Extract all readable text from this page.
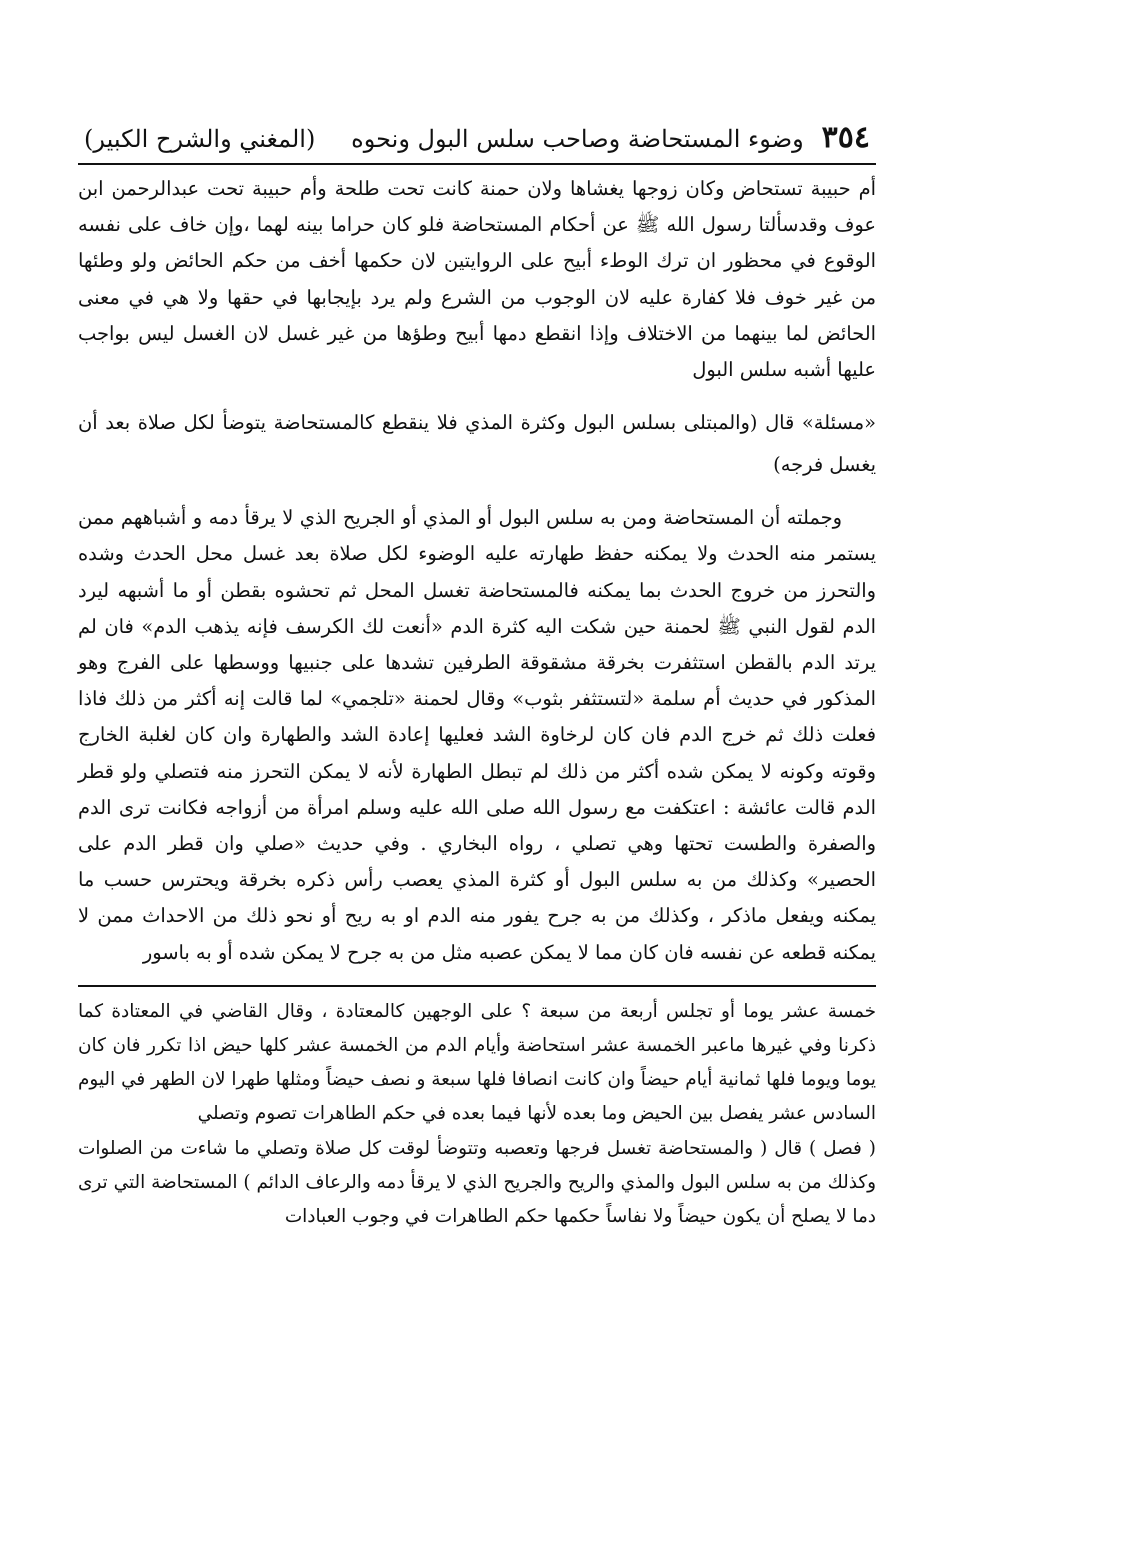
٣٥٤
وضوء المستحاضة وصاحب سلس البول ونحوه
(المغني والشرح الكبير)

أم حبيبة تستحاض وكان زوجها يغشاها ولان حمنة كانت تحت طلحة وأم حبيبة تحت عبدالرحمن ابن عوف وقدسألتا رسول الله ﷺ عن أحكام المستحاضة فلو كان حراما بينه لهما ،وإن خاف على نفسه الوقوع في محظور ان ترك الوطء أبيح على الروايتين لان حكمها أخف من حكم الحائض ولو وطئها من غير خوف فلا كفارة عليه لان الوجوب من الشرع ولم يرد بإيجابها في حقها ولا هي في معنى الحائض لما بينهما من الاختلاف وإذا انقطع دمها أبيح وطؤها من غير غسل لان الغسل ليس بواجب عليها أشبه سلس البول

«مسئلة» قال (والمبتلى بسلس البول وكثرة المذي فلا ينقطع كالمستحاضة يتوضأ لكل صلاة بعد أن يغسل فرجه)

وجملته أن المستحاضة ومن به سلس البول أو المذي أو الجريح الذي لا يرقأ دمه و أشباههم ممن يستمر منه الحدث ولا يمكنه حفظ طهارته عليه الوضوء لكل صلاة بعد غسل محل الحدث وشده والتحرز من خروج الحدث بما يمكنه فالمستحاضة تغسل المحل ثم تحشوه بقطن أو ما أشبهه ليرد الدم لقول النبي ﷺ لحمنة حين شكت اليه كثرة الدم «أنعت لك الكرسف فإنه يذهب الدم» فان لم يرتد الدم بالقطن استثفرت بخرقة مشقوقة الطرفين تشدها على جنبيها ووسطها على الفرج وهو المذكور في حديث أم سلمة «لتستثفر بثوب» وقال لحمنة «تلجمي» لما قالت إنه أكثر من ذلك فاذا فعلت ذلك ثم خرج الدم فان كان لرخاوة الشد فعليها إعادة الشد والطهارة وان كان لغلبة الخارج وقوته وكونه لا يمكن شده أكثر من ذلك لم تبطل الطهارة لأنه لا يمكن التحرز منه فتصلي ولو قطر الدم قالت عائشة : اعتكفت مع رسول الله صلى الله عليه وسلم امرأة من أزواجه فكانت ترى الدم والصفرة والطست تحتها وهي تصلي ، رواه البخاري . وفي حديث «صلي وان قطر الدم على الحصير» وكذلك من به سلس البول أو كثرة المذي يعصب رأس ذكره بخرقة ويحترس حسب ما يمكنه ويفعل ماذكر ، وكذلك من به جرح يفور منه الدم او به ريح أو نحو ذلك من الاحداث ممن لا يمكنه قطعه عن نفسه فان كان مما لا يمكن عصبه مثل من به جرح لا يمكن شده أو به باسور

خمسة عشر يوما أو تجلس أربعة من سبعة ؟ على الوجهين كالمعتادة ، وقال القاضي في المعتادة كما ذكرنا وفي غيرها ماعبر الخمسة عشر استحاضة وأيام الدم من الخمسة عشر كلها حيض اذا تكرر فان كان يوما ويوما فلها ثمانية أيام حيضاً وان كانت انصافا فلها سبعة و نصف حيضاً ومثلها طهرا لان الطهر في اليوم السادس عشر يفصل بين الحيض وما بعده لأنها فيما بعده في حكم الطاهرات تصوم وتصلي

( فصل ) قال ( والمستحاضة تغسل فرجها وتعصبه وتتوضأ لوقت كل صلاة وتصلي ما شاءت من الصلوات وكذلك من به سلس البول والمذي والريح والجريح الذي لا يرقأ دمه والرعاف الدائم ) المستحاضة التي ترى دما لا يصلح أن يكون حيضاً ولا نفاساً حكمها حكم الطاهرات في وجوب العبادات
